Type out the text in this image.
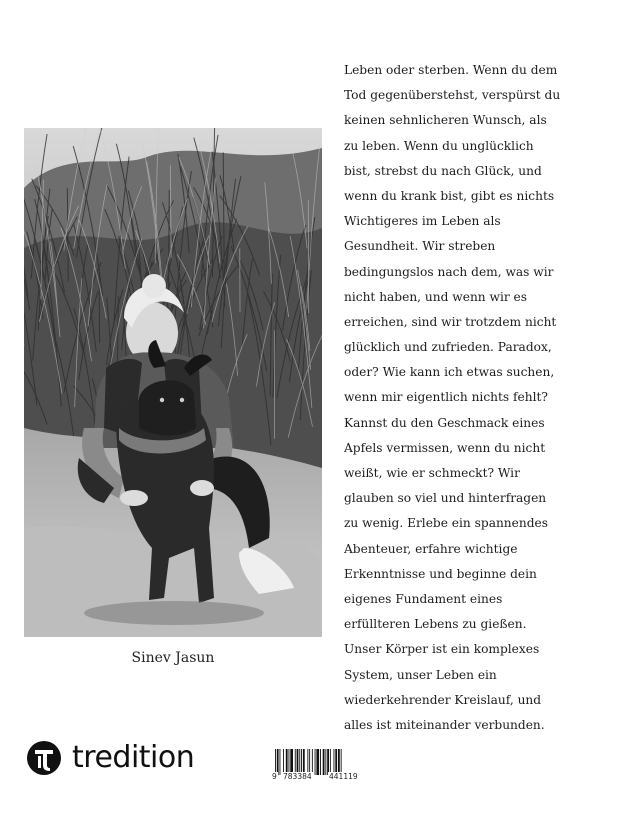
Sinev Jasun
Leben oder sterben. Wenn du dem
Tod gegenüberstehst, verspürst du
keinen sehnlicheren Wunsch, als
zu leben. Wenn du unglücklich
bist, strebst du nach Glück, und
wenn du krank bist, gibt es nichts
Wichtigeres im Leben als
Gesundheit. Wir streben
bedingungslos nach dem, was wir
nicht haben, und wenn wir es
erreichen, sind wir trotzdem nicht
glücklich und zufrieden. Paradox,
oder? Wie kann ich etwas suchen,
wenn mir eigentlich nichts fehlt?
Kannst du den Geschmack eines
Apfels vermissen, wenn du nicht
weißt, wie er schmeckt? Wir
glauben so viel und hinterfragen
zu wenig. Erlebe ein spannendes
Abenteuer, erfahre wichtige
Erkenntnisse und beginne dein
eigenes Fundament eines
erfüllteren Lebens zu gießen.
Unser Körper ist ein komplexes
System, unser Leben ein
wiederkehrender Kreislauf, und
alles ist miteinander verbunden.
tredition
9 783384 441119
